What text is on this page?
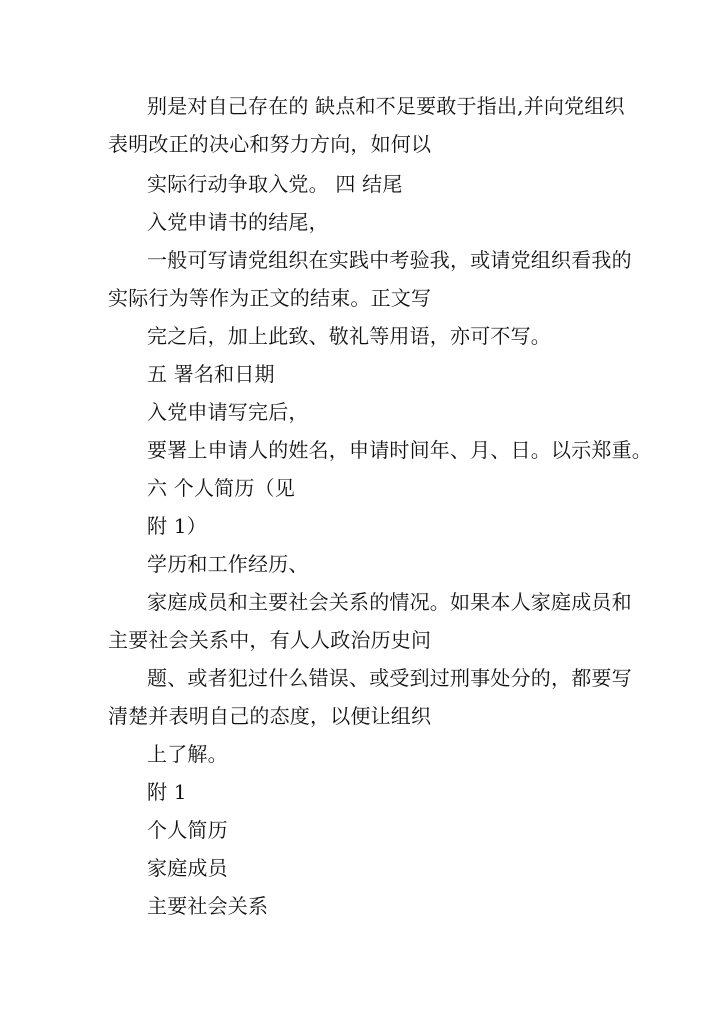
别是对自己存在的 缺点和不足要敢于指出,并向党组织
表明改正的决心和努力方向，如何以
实际行动争取入党。 四 结尾
入党申请书的结尾，
一般可写请党组织在实践中考验我，或请党组织看我的
实际行为等作为正文的结束。正文写
完之后，加上此致、敬礼等用语，亦可不写。
五 署名和日期
入党申请写完后，
要署上申请人的姓名，申请时间年、月、日。以示郑重。
六 个人简历（见
附 1）
学历和工作经历、
家庭成员和主要社会关系的情况。如果本人家庭成员和
主要社会关系中，有人人政治历史问
题、或者犯过什么错误、或受到过刑事处分的，都要写
清楚并表明自己的态度，以便让组织
上了解。
附 1
个人简历
家庭成员
主要社会关系
